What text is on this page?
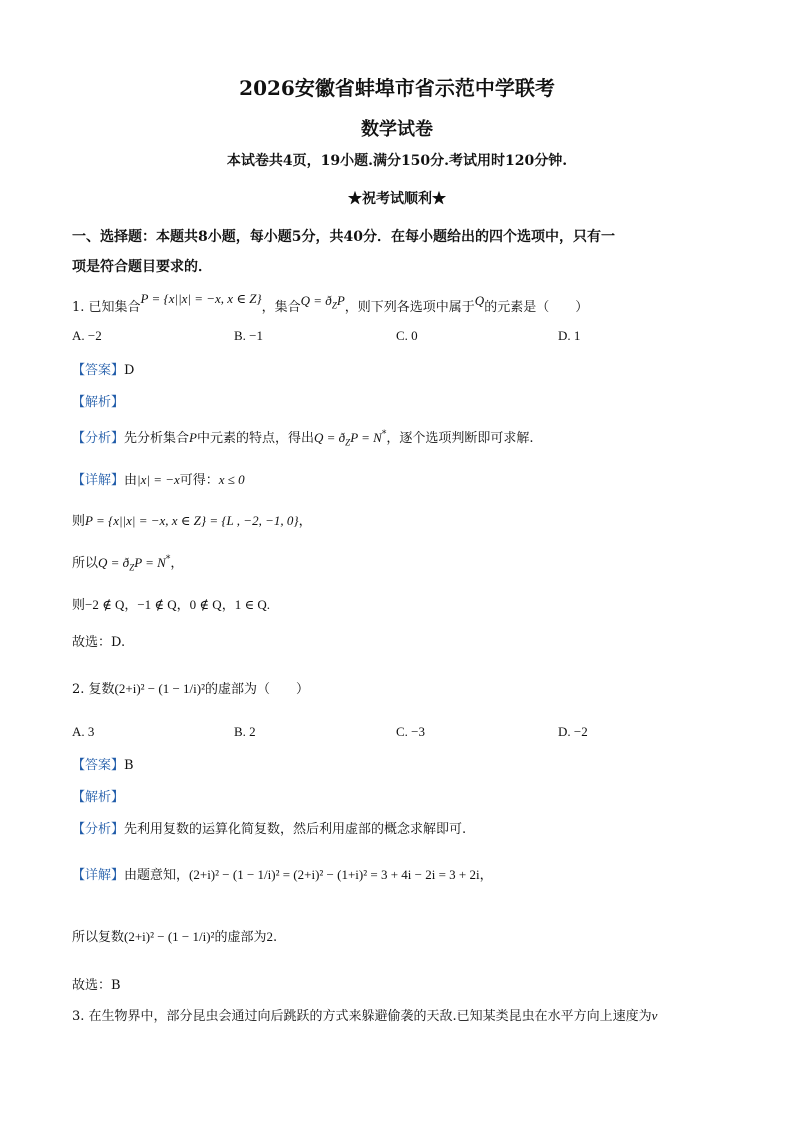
2026安徽省蚌埠市省示范中学联考
数学试卷
本试卷共4页，19小题.满分150分.考试用时120分钟.
★祝考试顺利★
一、选择题：本题共8小题，每小题5分，共40分．在每小题给出的四个选项中，只有一
项是符合题目要求的．
1. 已知集合P = {x||x| = −x, x ∈ Z}，集合$Q = ð_ZP$，则下列各选项中属于Q的元素是（　　）
A. −2	B. −1	C. 0	D. 1
【答案】D
【解析】
【分析】先分析集合P中元素的特点，得出$Q = ð_ZP = N^*$，逐个选项判断即可求解.
【详解】由|x| = −x可得：x ≤ 0
则P = {x||x| = −x, x ∈ Z} = {L , −2, −1, 0}，
所以$Q = ð_ZP = N^*$，
则−2 ∉ Q，−1 ∉ Q，0 ∉ Q，1 ∈ Q.
故选：D.
2. 复数(2+i)² − (1 − 1/i)²的虚部为（　　）
A. 3	B. 2	C. −3	D. −2
【答案】B
【解析】
【分析】先利用复数的运算化简复数，然后利用虚部的概念求解即可.
【详解】由题意知，(2+i)² − (1 − 1/i)² = (2+i)² − (1+i)² = 3 + 4i − 2i = 3 + 2i，
所以复数(2+i)² − (1 − 1/i)²的虚部为2.
故选：B
3. 在生物界中，部分昆虫会通过向后跳跃的方式来躲避偷袭的天敌.已知某类昆虫在水平方向上速度为v
